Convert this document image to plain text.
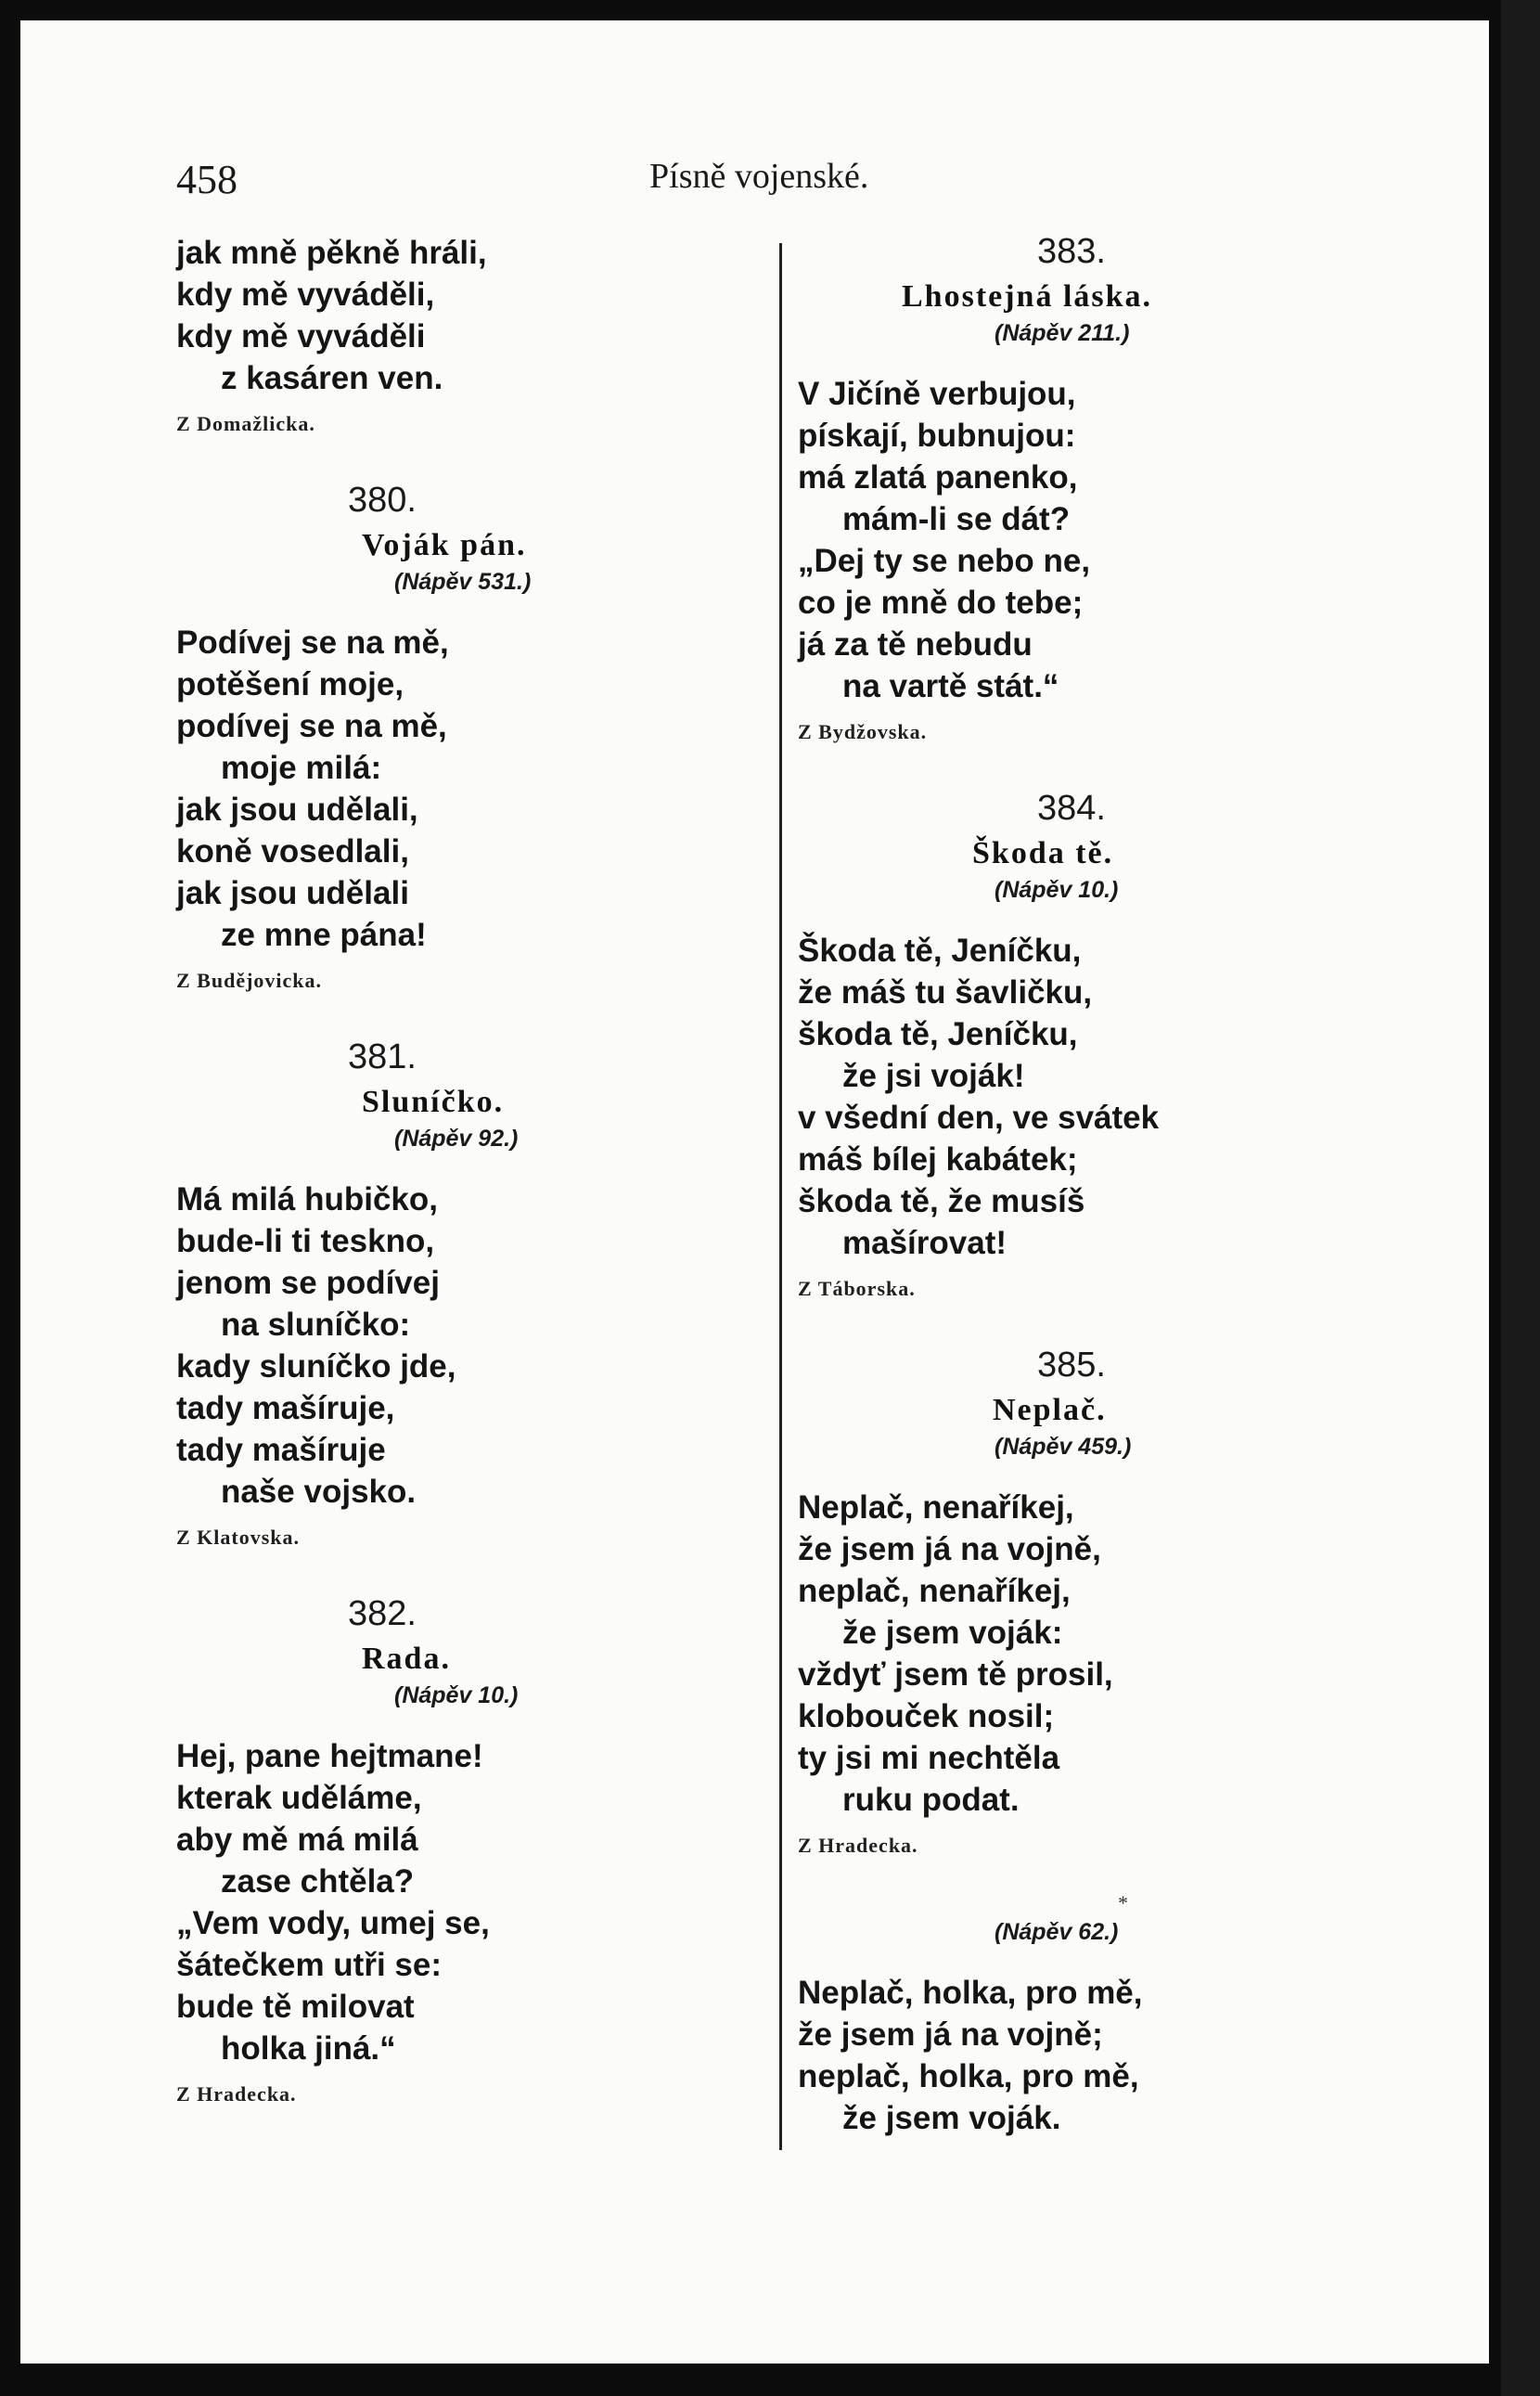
458	Písně vojenské.
jak mně pěkně hráli,
kdy mě vyváděli,
kdy mě vyváděli
z kasáren ven.
Z Domažlicka.
380.
Voják pán.
(Nápěv 531.)
Podívej se na mě,
potěšení moje,
podívej se na mě,
moje milá:
jak jsou udělali,
koně vosedlali,
jak jsou udělali
ze mne pána!
Z Budějovicka.
381.
Sluníčko.
(Nápěv 92.)
Má milá hubičko,
bude-li ti teskno,
jenom se podívej
na sluníčko:
kady sluníčko jde,
tady mašíruje,
tady mašíruje
naše vojsko.
Z Klatovska.
382.
Rada.
(Nápěv 10.)
Hej, pane hejtmane!
kterak uděláme,
aby mě má milá
zase chtěla?
„Vem vody, umej se,
šátečkem utři se:
bude tě milovat
holka jiná.“
Z Hradecka.
383.
Lhostejná láska.
(Nápěv 211.)
V Jičíně verbujou,
pískají, bubnujou:
má zlatá panenko,
mám-li se dát?
„Dej ty se nebo ne,
co je mně do tebe;
já za tě nebudu
na vartě stát.“
Z Bydžovska.
384.
Škoda tě.
(Nápěv 10.)
Škoda tě, Jeníčku,
že máš tu šavličku,
škoda tě, Jeníčku,
že jsi voják!
v všední den, ve svátek
máš bílej kabátek;
škoda tě, že musíš
mašírovat!
Z Táborska.
385.
Neplač.
(Nápěv 459.)
Neplač, nenaříkej,
že jsem já na vojně,
neplač, nenaříkej,
že jsem voják:
vždyť jsem tě prosil,
klobouček nosil;
ty jsi mi nechtěla
ruku podat.
Z Hradecka.
*
(Nápěv 62.)
Neplač, holka, pro mě,
že jsem já na vojně;
neplač, holka, pro mě,
že jsem voják.
